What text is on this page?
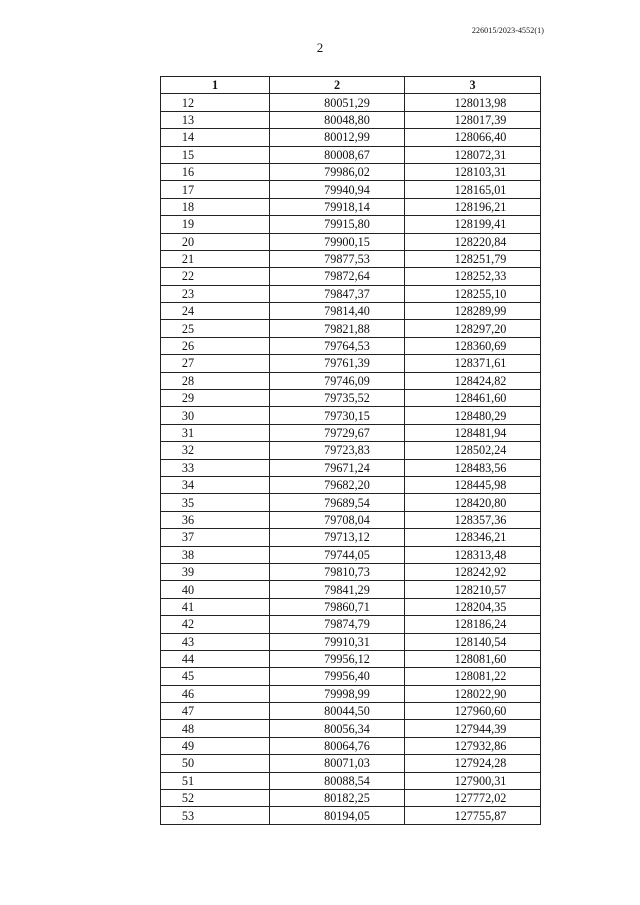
226015/2023-4552(1)
2
1	2	3
12	80051,29	128013,98
13	80048,80	128017,39
14	80012,99	128066,40
15	80008,67	128072,31
16	79986,02	128103,31
17	79940,94	128165,01
18	79918,14	128196,21
19	79915,80	128199,41
20	79900,15	128220,84
21	79877,53	128251,79
22	79872,64	128252,33
23	79847,37	128255,10
24	79814,40	128289,99
25	79821,88	128297,20
26	79764,53	128360,69
27	79761,39	128371,61
28	79746,09	128424,82
29	79735,52	128461,60
30	79730,15	128480,29
31	79729,67	128481,94
32	79723,83	128502,24
33	79671,24	128483,56
34	79682,20	128445,98
35	79689,54	128420,80
36	79708,04	128357,36
37	79713,12	128346,21
38	79744,05	128313,48
39	79810,73	128242,92
40	79841,29	128210,57
41	79860,71	128204,35
42	79874,79	128186,24
43	79910,31	128140,54
44	79956,12	128081,60
45	79956,40	128081,22
46	79998,99	128022,90
47	80044,50	127960,60
48	80056,34	127944,39
49	80064,76	127932,86
50	80071,03	127924,28
51	80088,54	127900,31
52	80182,25	127772,02
53	80194,05	127755,87
